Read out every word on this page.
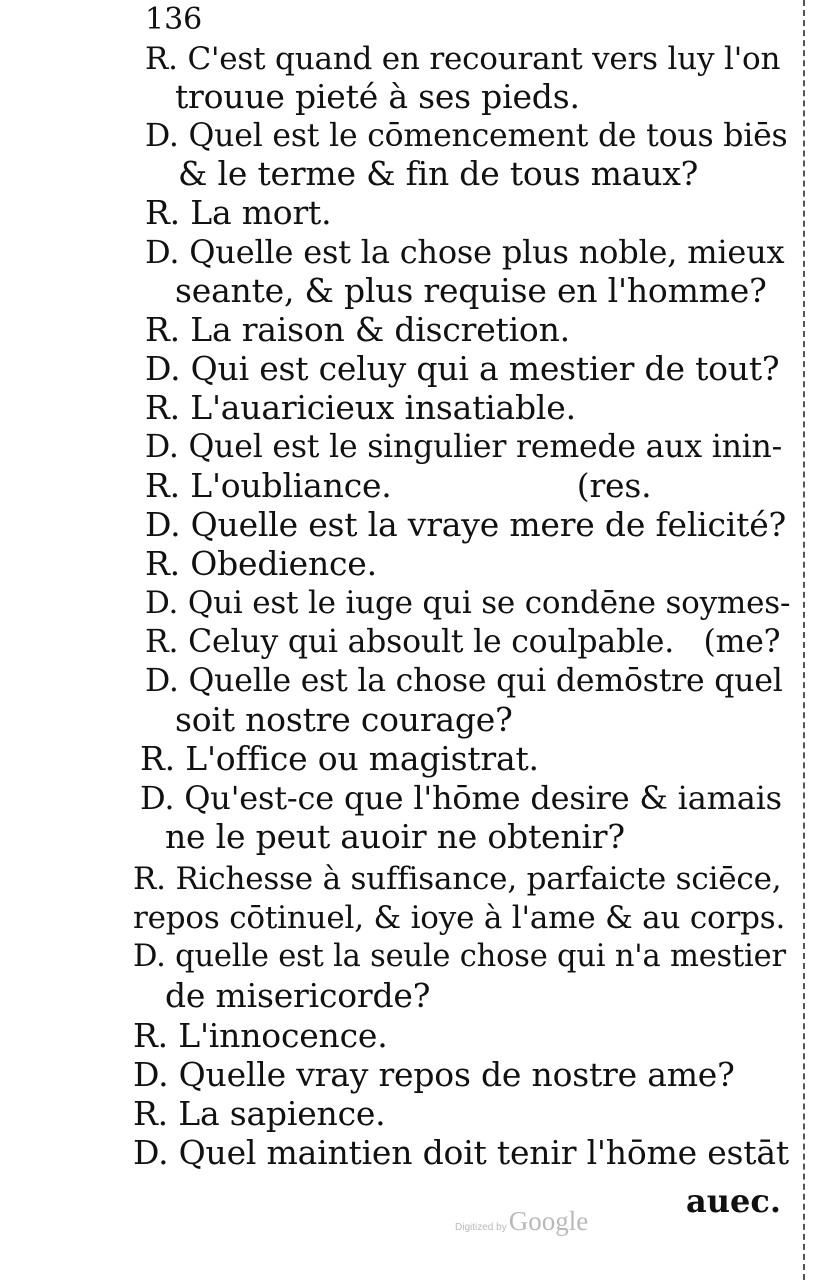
136

R. C'est quand en recourant vers luy l'on

trouue pieté à ses pieds.

D. Quel est le cōmencement de tous biēs

& le terme & fin de tous maux?

R. La mort.

D. Quelle est la chose plus noble, mieux

seante, & plus requise en l'homme?

R. La raison & discretion.

D. Qui est celuy qui a mestier de tout?

R. L'auaricieux insatiable.

D. Quel est le singulier remede aux inin-

R. L'oubliance.                  (res.

D. Quelle est la vraye mere de felicité?

R. Obedience.

D. Qui est le iuge qui se condēne soymes-

R. Celuy qui absoult le coulpable.   (me?

D. Quelle est la chose qui demōstre quel

soit nostre courage?

R. L'office ou magistrat.

D. Qu'est-ce que l'hōme desire & iamais

ne le peut auoir ne obtenir?

R. Richesse à suffisance, parfaicte sciēce,

repos cōtinuel, & ioye à l'ame & au corps.

D. quelle est la seule chose qui n'a mestier

de misericorde?

R. L'innocence.

D. Quelle vray repos de nostre ame?

R. La sapience.

D. Quel maintien doit tenir l'hōme estāt

auec.

Digitized by Google
